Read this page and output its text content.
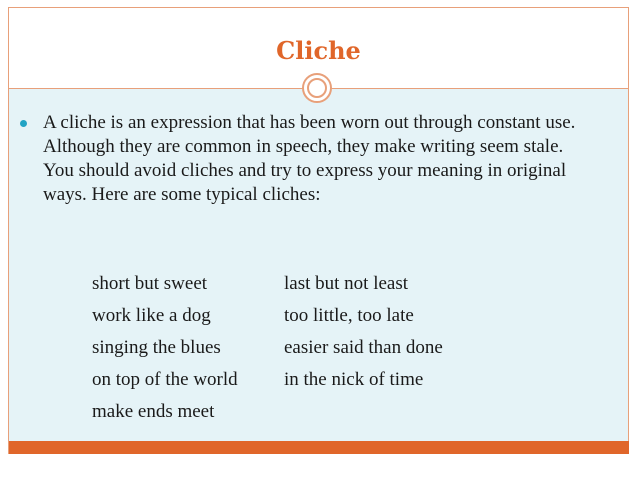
Cliche

A cliche is an expression that has been worn out through constant use. Although they are common in speech, they make writing seem stale. You should avoid cliches and try to express your meaning in original ways. Here are some typical cliches:

short but sweet	last but not least
work like a dog	too little, too late
singing the blues	easier said than done
on top of the world	in the nick of time
make ends meet
